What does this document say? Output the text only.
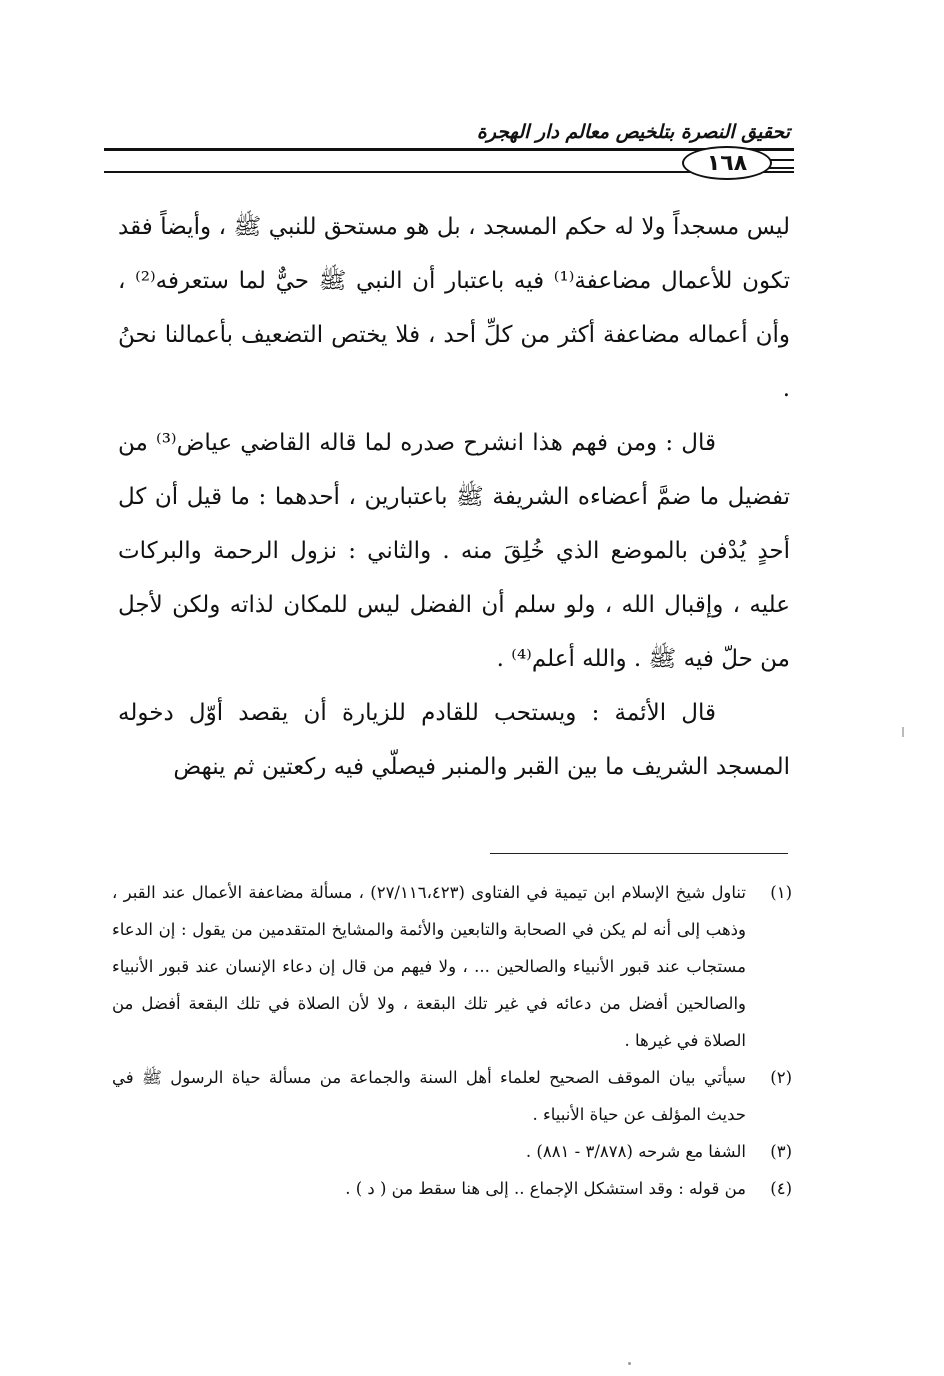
تحقيق النصرة بتلخيص معالم دار الهجرة
١٦٨

ليس مسجداً ولا له حكم المسجد ، بل هو مستحق للنبي ﷺ ، وأيضاً فقد تكون للأعمال مضاعفة⁽¹⁾ فيه باعتبار أن النبي ﷺ حيٌّ لما ستعرفه⁽²⁾ ، وأن أعماله مضاعفة أكثر من كلِّ أحد ، فلا يختص التضعيف بأعمالنا نحنُ .

قال : ومن فهم هذا انشرح صدره لما قاله القاضي عياض⁽³⁾ من تفضيل ما ضمَّ أعضاءه الشريفة ﷺ باعتبارين ، أحدهما : ما قيل أن كل أحدٍ يُدْفن بالموضع الذي خُلِقَ منه . والثاني : نزول الرحمة والبركات عليه ، وإقبال الله ، ولو سلم أن الفضل ليس للمكان لذاته ولكن لأجل من حلّ فيه ﷺ . والله أعلم⁽⁴⁾ .

قال الأئمة : ويستحب للقادم للزيارة أن يقصد أوّل دخوله المسجد الشريف ما بين القبر والمنبر فيصلّي فيه ركعتين ثم ينهض

(١)
تناول شيخ الإسلام ابن تيمية في الفتاوى (٢٧/١١٦،٤٢٣) ، مسألة مضاعفة الأعمال عند القبر ، وذهب إلى أنه لم يكن في الصحابة والتابعين والأئمة والمشايخ المتقدمين من يقول : إن الدعاء مستجاب عند قبور الأنبياء والصالحين ... ، ولا فيهم من قال إن دعاء الإنسان عند قبور الأنبياء والصالحين أفضل من دعائه في غير تلك البقعة ، ولا لأن الصلاة في تلك البقعة أفضل من الصلاة في غيرها .
(٢)
سيأتي بيان الموقف الصحيح لعلماء أهل السنة والجماعة من مسألة حياة الرسول ﷺ في حديث المؤلف عن حياة الأنبياء .
(٣)
الشفا مع شرحه (٣/٨٧٨ - ٨٨١) .
(٤)
من قوله : وقد استشكل الإجماع .. إلى هنا سقط من ( د ) .
